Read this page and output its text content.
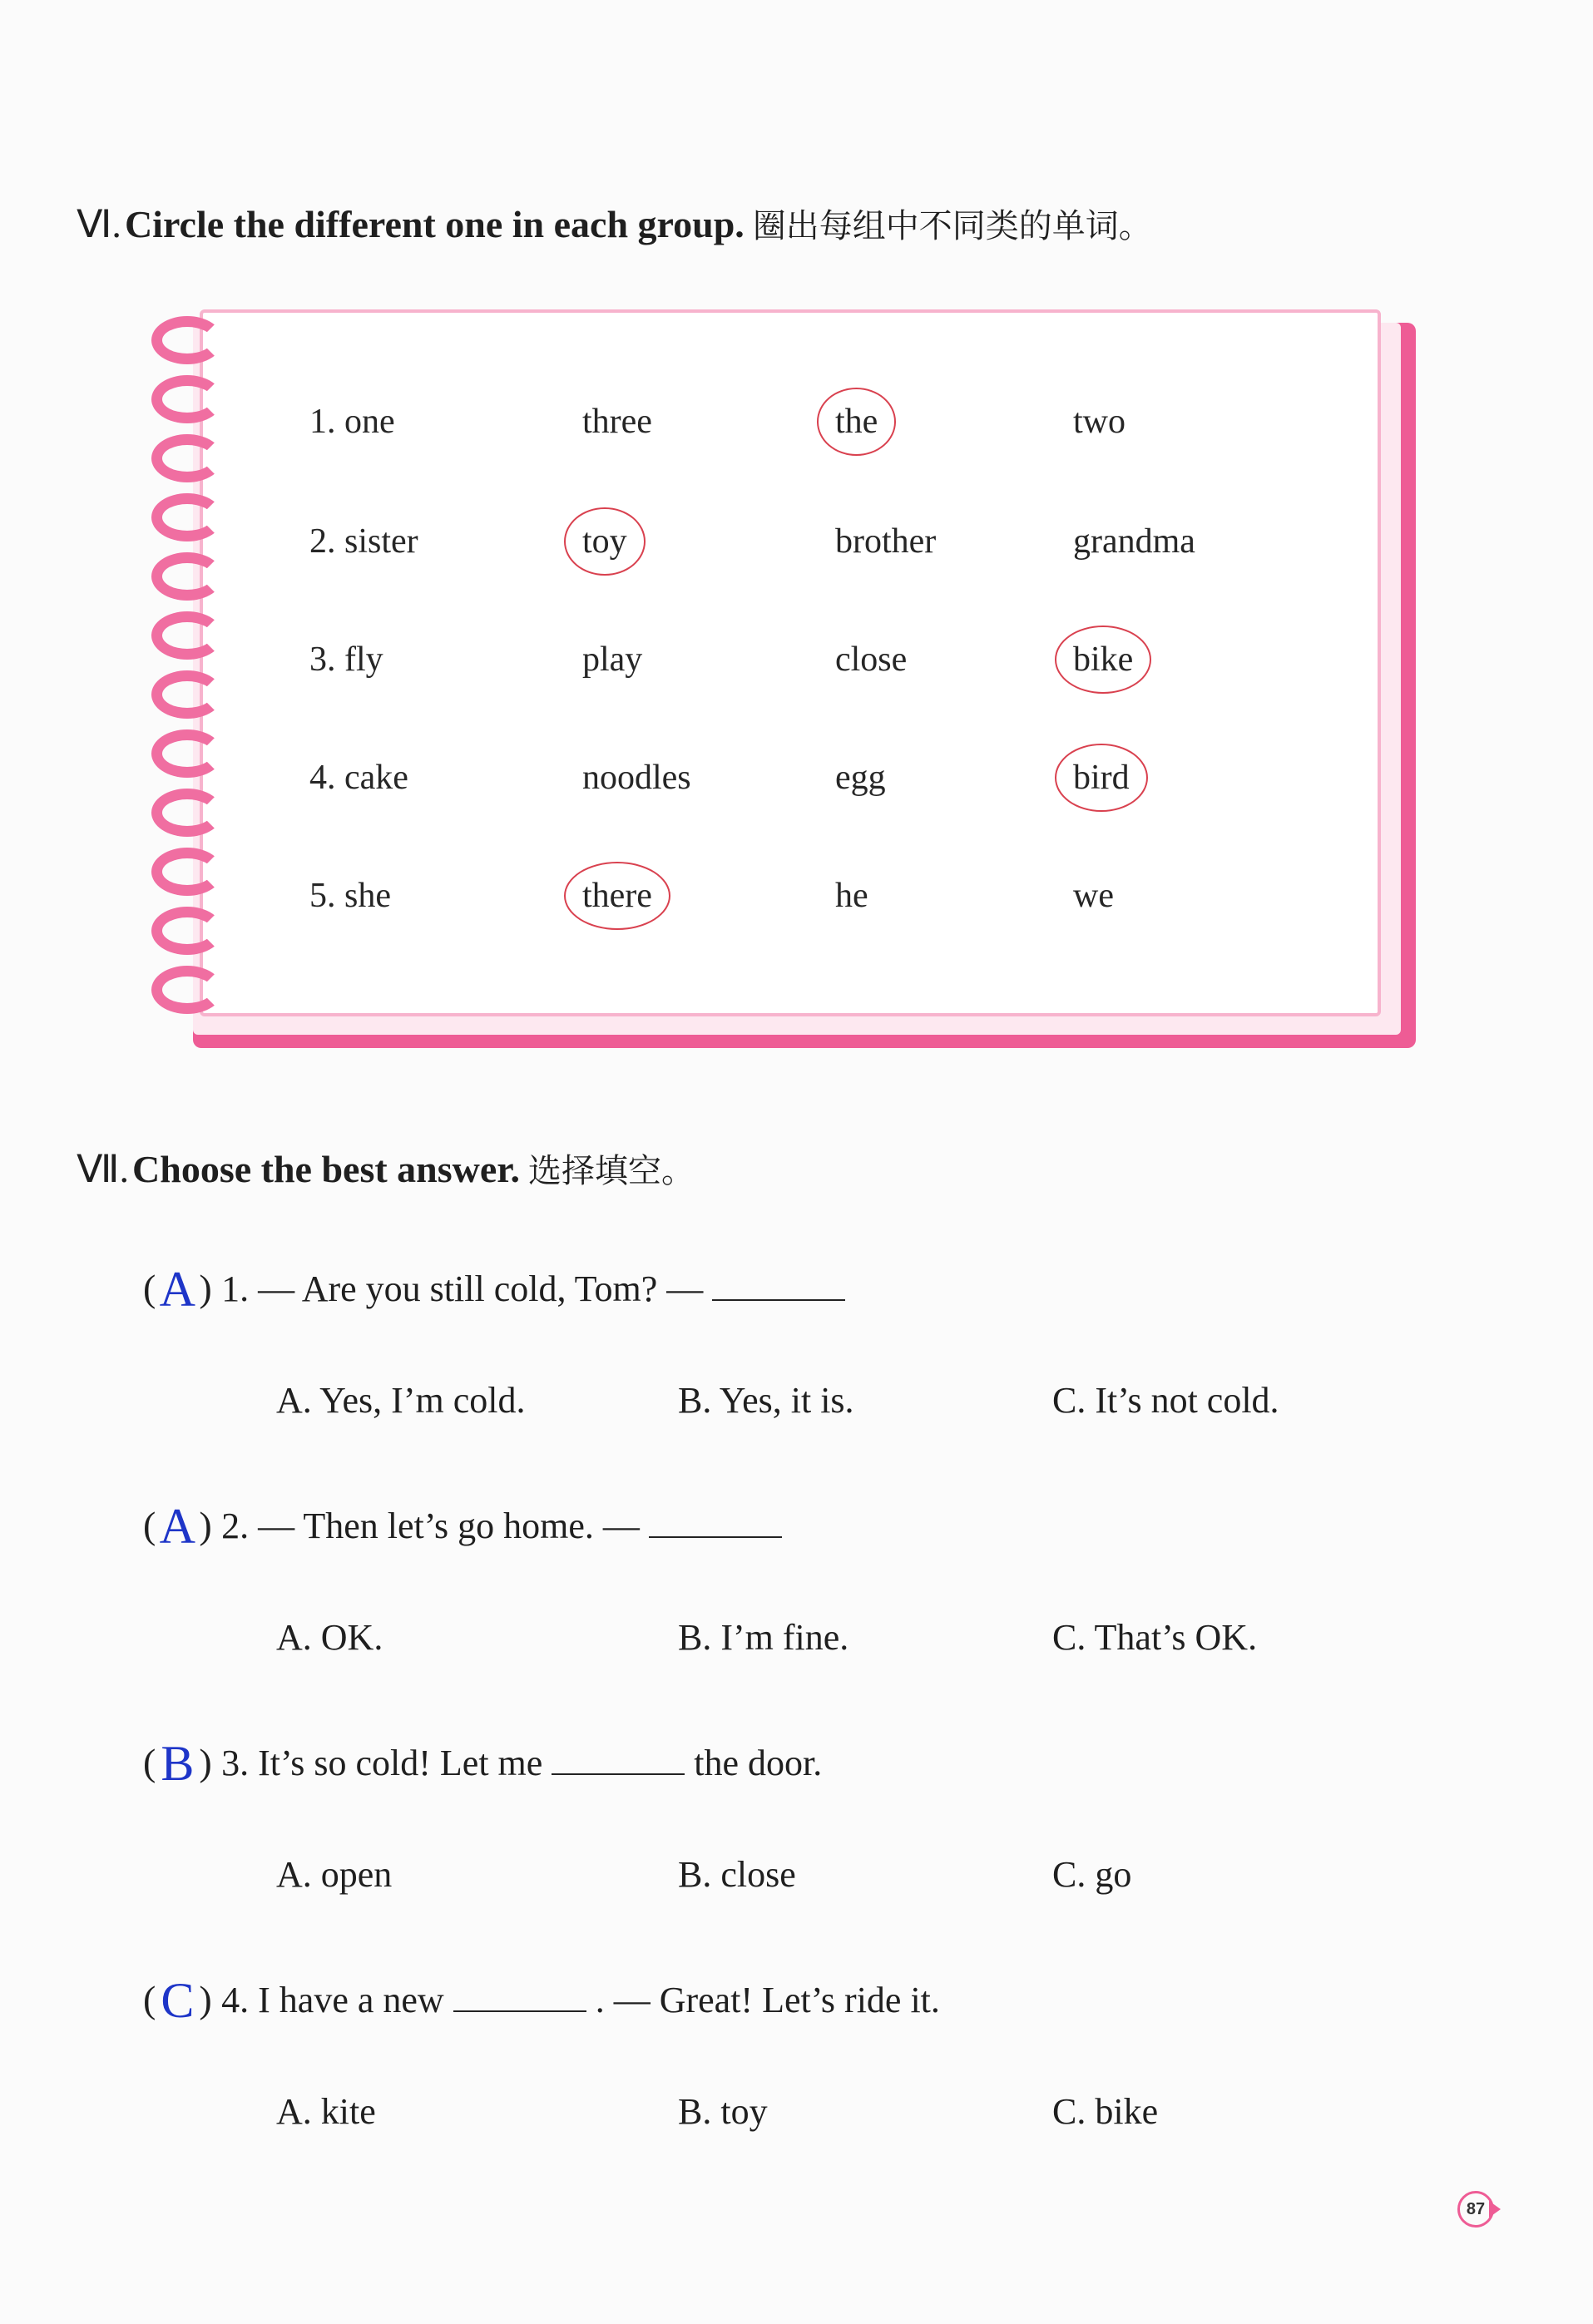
Ⅵ.Circle the different one in each group. 圈出每组中不同类的单词。
1. one	three	the	two
2. sister	toy	brother	grandma
3. fly	play	close	bike
4. cake	noodles	egg	bird
5. she	there	he	we
Ⅶ.Choose the best answer. 选择填空。
(A) 1. — Are you still cold, Tom? —
A. Yes, I’m cold.	B. Yes, it is.	C. It’s not cold.
(A) 2. — Then let’s go home. —
A. OK.	B. I’m fine.	C. That’s OK.
(B ) 3. It’s so cold! Let me	the door.
A. open	B. close	C. go
(C ) 4. I have a new	. — Great! Let’s ride it.
A. kite	B. toy	C. bike
87
